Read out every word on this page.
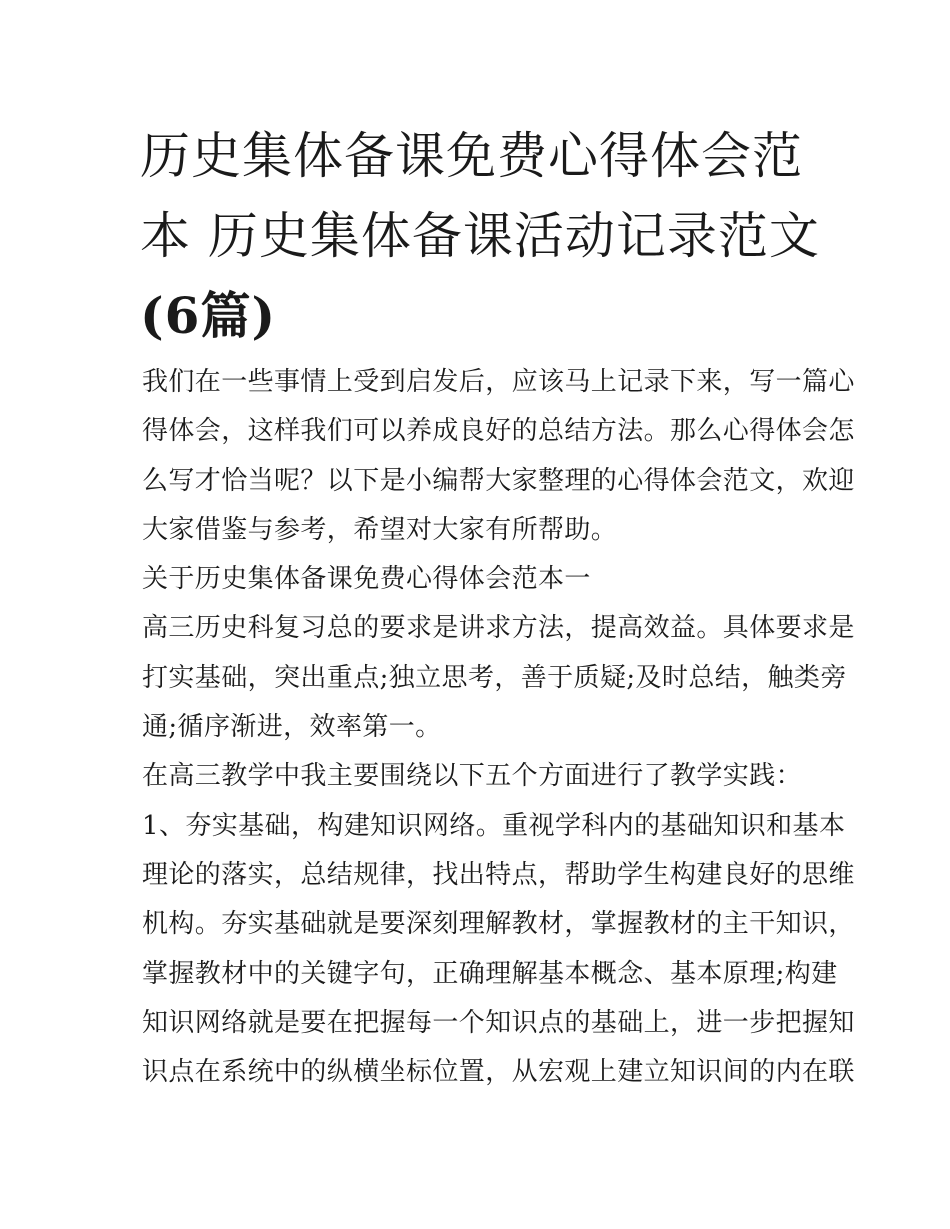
历史集体备课免费心得体会范
本 历史集体备课活动记录范文
(6篇)
我们在一些事情上受到启发后，应该马上记录下来，写一篇心
得体会，这样我们可以养成良好的总结方法。那么心得体会怎
么写才恰当呢？以下是小编帮大家整理的心得体会范文，欢迎
大家借鉴与参考，希望对大家有所帮助。
关于历史集体备课免费心得体会范本一
高三历史科复习总的要求是讲求方法，提高效益。具体要求是
打实基础，突出重点;独立思考，善于质疑;及时总结，触类旁
通;循序渐进，效率第一。
在高三教学中我主要围绕以下五个方面进行了教学实践：
1、夯实基础，构建知识网络。重视学科内的基础知识和基本
理论的落实，总结规律，找出特点，帮助学生构建良好的思维
机构。夯实基础就是要深刻理解教材，掌握教材的主干知识，
掌握教材中的关键字句，正确理解基本概念、基本原理;构建
知识网络就是要在把握每一个知识点的基础上，进一步把握知
识点在系统中的纵横坐标位置，从宏观上建立知识间的内在联
